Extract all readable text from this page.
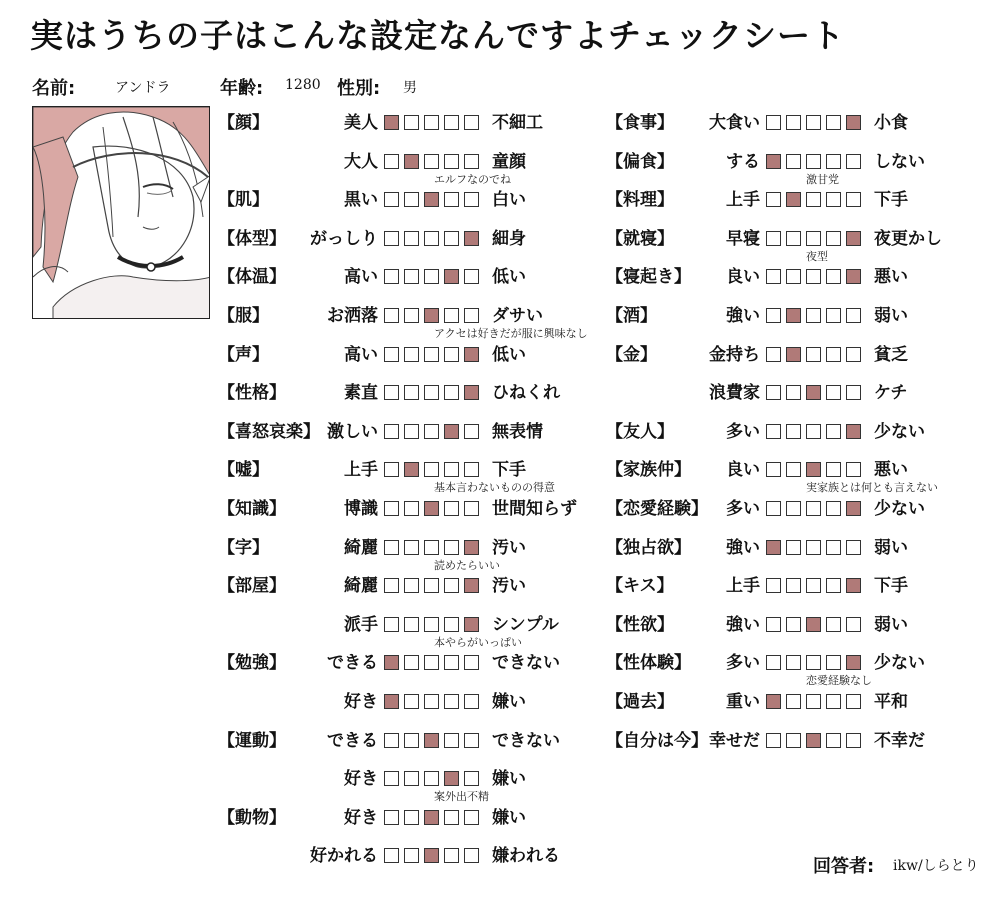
実はうちの子はこんな設定なんですよチェックシート
名前:	アンドラ	年齢: 1280 性別: 男
【顔】	美人	不細工
大人	童顔
エルフなのでね
【肌】	黒い	白い
【体型】	がっしり	細身
【体温】	高い	低い
【服】	お洒落	ダサい
アクセは好きだが服に興味なし
【声】	高い	低い
【性格】	素直	ひねくれ
【喜怒哀楽】 激しい	無表情
【嘘】	上手	下手
基本言わないものの得意
【知識】	博識	世間知らず
【字】	綺麗	汚い
読めたらいい
【部屋】	綺麗	汚い
派手	シンプル
本やらがいっぱい
【勉強】	できる	できない
好き	嫌い
【運動】	できる	できない
好き	嫌い
案外出不精
【動物】	好き	嫌い
好かれる	嫌われる
【食事】	大食い	小食
【偏食】	する	しない
激甘党
【料理】	上手	下手
【就寝】	早寝	夜更かし
夜型
【寝起き】	良い	悪い
【酒】	強い	弱い
【金】	金持ち	貧乏
浪費家	ケチ
【友人】	多い	少ない
【家族仲】	良い	悪い
実家族とは何とも言えない
【恋愛経験】	多い	少ない
【独占欲】	強い	弱い
【キス】	上手	下手
【性欲】	強い	弱い
【性体験】	多い	少ない
恋愛経験なし
【過去】	重い	平和
【自分は今】 幸せだ	不幸だ
回答者: ikw/しらとり
